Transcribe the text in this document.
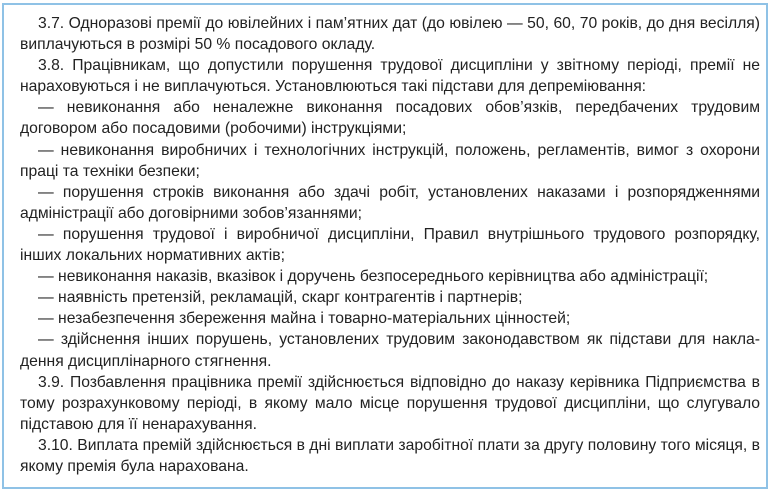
3.7. Одноразові премії до ювілейних і пам’ятних дат (до ювілею — 50, 60, 70 років, до дня весілля) виплачуються в розмірі 50 % посадового окладу.

3.8. Працівникам, що допустили порушення трудової дисципліни у звітному періоді, премії не нараховуються і не виплачуються. Установлюються такі підстави для депреміювання:

— невиконання або неналежне виконання посадових обов’язків, передбачених трудовим договором або посадовими (робочими) інструкціями;

— невиконання виробничих і технологічних інструкцій, положень, регламентів, вимог з охорони праці та техніки безпеки;

— порушення строків виконання або здачі робіт, установлених наказами і розпорядженнями адміністрації або договірними зобов’язаннями;

— порушення трудової і виробничої дисципліни, Правил внутрішнього трудового розпорядку, інших локальних нормативних актів;

— невиконання наказів, вказівок і доручень безпосереднього керівництва або адміністрації;

— наявність претензій, рекламацій, скарг контрагентів і партнерів;

— незабезпечення збереження майна і товарно-матеріальних цінностей;

— здійснення інших порушень, установлених трудовим законодавством як підстави для накладення дисциплінарного стягнення.

3.9. Позбавлення працівника премії здійснюється відповідно до наказу керівника Підприємства в тому розрахунковому періоді, в якому мало місце порушення трудової дисципліни, що слугувало підставою для її ненарахування.

3.10. Виплата премій здійснюється в дні виплати заробітної плати за другу половину того місяця, в якому премія була нарахована.
